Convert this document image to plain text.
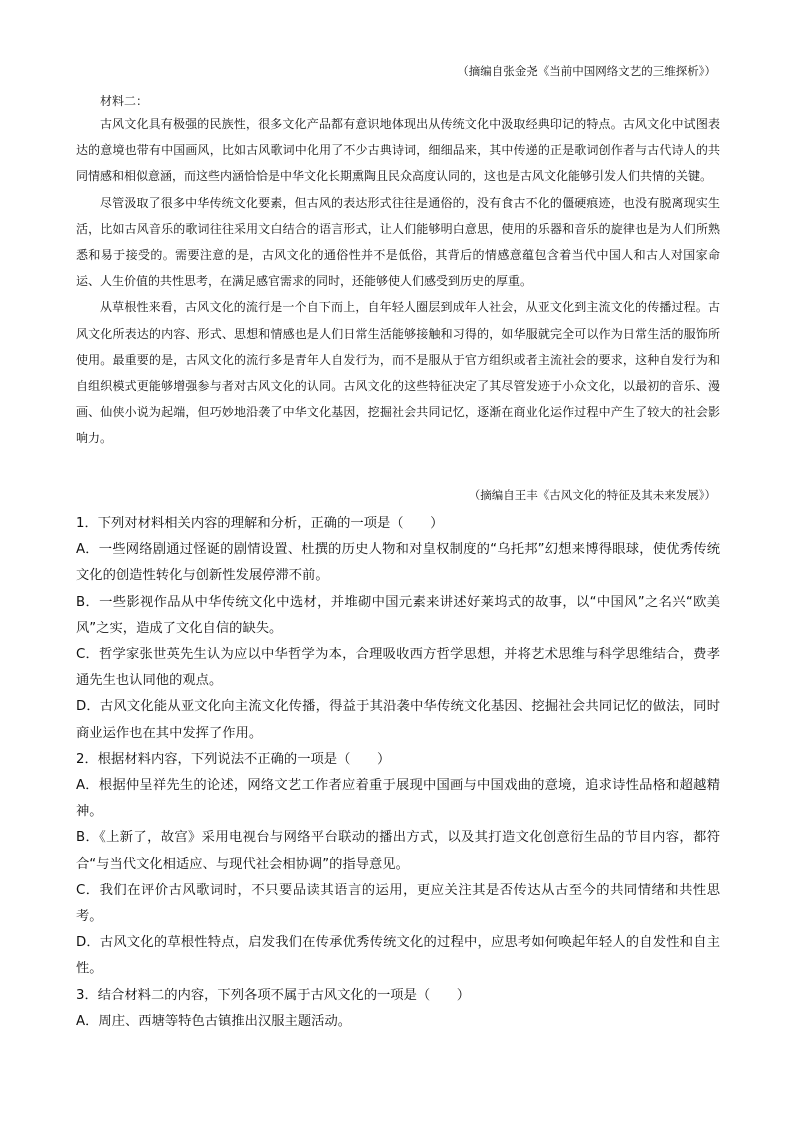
（摘编自张金尧《当前中国网络文艺的三维探析》）
材料二：

古风文化具有极强的民族性，很多文化产品都有意识地体现出从传统文化中汲取经典印记的特点。古风文化中试图表达的意境也带有中国画风，比如古风歌词中化用了不少古典诗词，细细品来，其中传递的正是歌词创作者与古代诗人的共同情感和相似意涵，而这些内涵恰恰是中华文化长期熏陶且民众高度认同的，这也是古风文化能够引发人们共情的关键。

尽管汲取了很多中华传统文化要素，但古风的表达形式往往是通俗的，没有食古不化的僵硬痕迹，也没有脱离现实生活，比如古风音乐的歌词往往采用文白结合的语言形式，让人们能够明白意思，使用的乐器和音乐的旋律也是为人们所熟悉和易于接受的。需要注意的是，古风文化的通俗性并不是低俗，其背后的情感意蕴包含着当代中国人和古人对国家命运、人生价值的共性思考，在满足感官需求的同时，还能够使人们感受到历史的厚重。

从草根性来看，古风文化的流行是一个自下而上，自年轻人圈层到成年人社会，从亚文化到主流文化的传播过程。古风文化所表达的内容、形式、思想和情感也是人们日常生活能够接触和习得的，如华服就完全可以作为日常生活的服饰所使用。最重要的是，古风文化的流行多是青年人自发行为，而不是服从于官方组织或者主流社会的要求，这种自发行为和自组织模式更能够增强参与者对古风文化的认同。古风文化的这些特征决定了其尽管发迹于小众文化，以最初的音乐、漫画、仙侠小说为起端，但巧妙地沿袭了中华文化基因，挖掘社会共同记忆，逐渐在商业化运作过程中产生了较大的社会影响力。

（摘编自王丰《古风文化的特征及其未来发展》）

1．下列对材料相关内容的理解和分析，正确的一项是（　　）

A．一些网络剧通过怪诞的剧情设置、杜撰的历史人物和对皇权制度的“乌托邦”幻想来博得眼球，使优秀传统文化的创造性转化与创新性发展停滞不前。

B．一些影视作品从中华传统文化中选材，并堆砌中国元素来讲述好莱坞式的故事，以“中国风”之名兴“欧美风”之实，造成了文化自信的缺失。

C．哲学家张世英先生认为应以中华哲学为本，合理吸收西方哲学思想，并将艺术思维与科学思维结合，费孝通先生也认同他的观点。

D．古风文化能从亚文化向主流文化传播，得益于其沿袭中华传统文化基因、挖掘社会共同记忆的做法，同时商业运作也在其中发挥了作用。

2．根据材料内容，下列说法不正确的一项是（　　）

A．根据仲呈祥先生的论述，网络文艺工作者应着重于展现中国画与中国戏曲的意境，追求诗性品格和超越精神。

B．《上新了，故宫》采用电视台与网络平台联动的播出方式，以及其打造文化创意衍生品的节目内容，都符合“与当代文化相适应、与现代社会相协调”的指导意见。

C．我们在评价古风歌词时，不只要品读其语言的运用，更应关注其是否传达从古至今的共同情绪和共性思考。

D．古风文化的草根性特点，启发我们在传承优秀传统文化的过程中，应思考如何唤起年轻人的自发性和自主性。

3．结合材料二的内容，下列各项不属于古风文化的一项是（　　）

A．周庄、西塘等特色古镇推出汉服主题活动。
